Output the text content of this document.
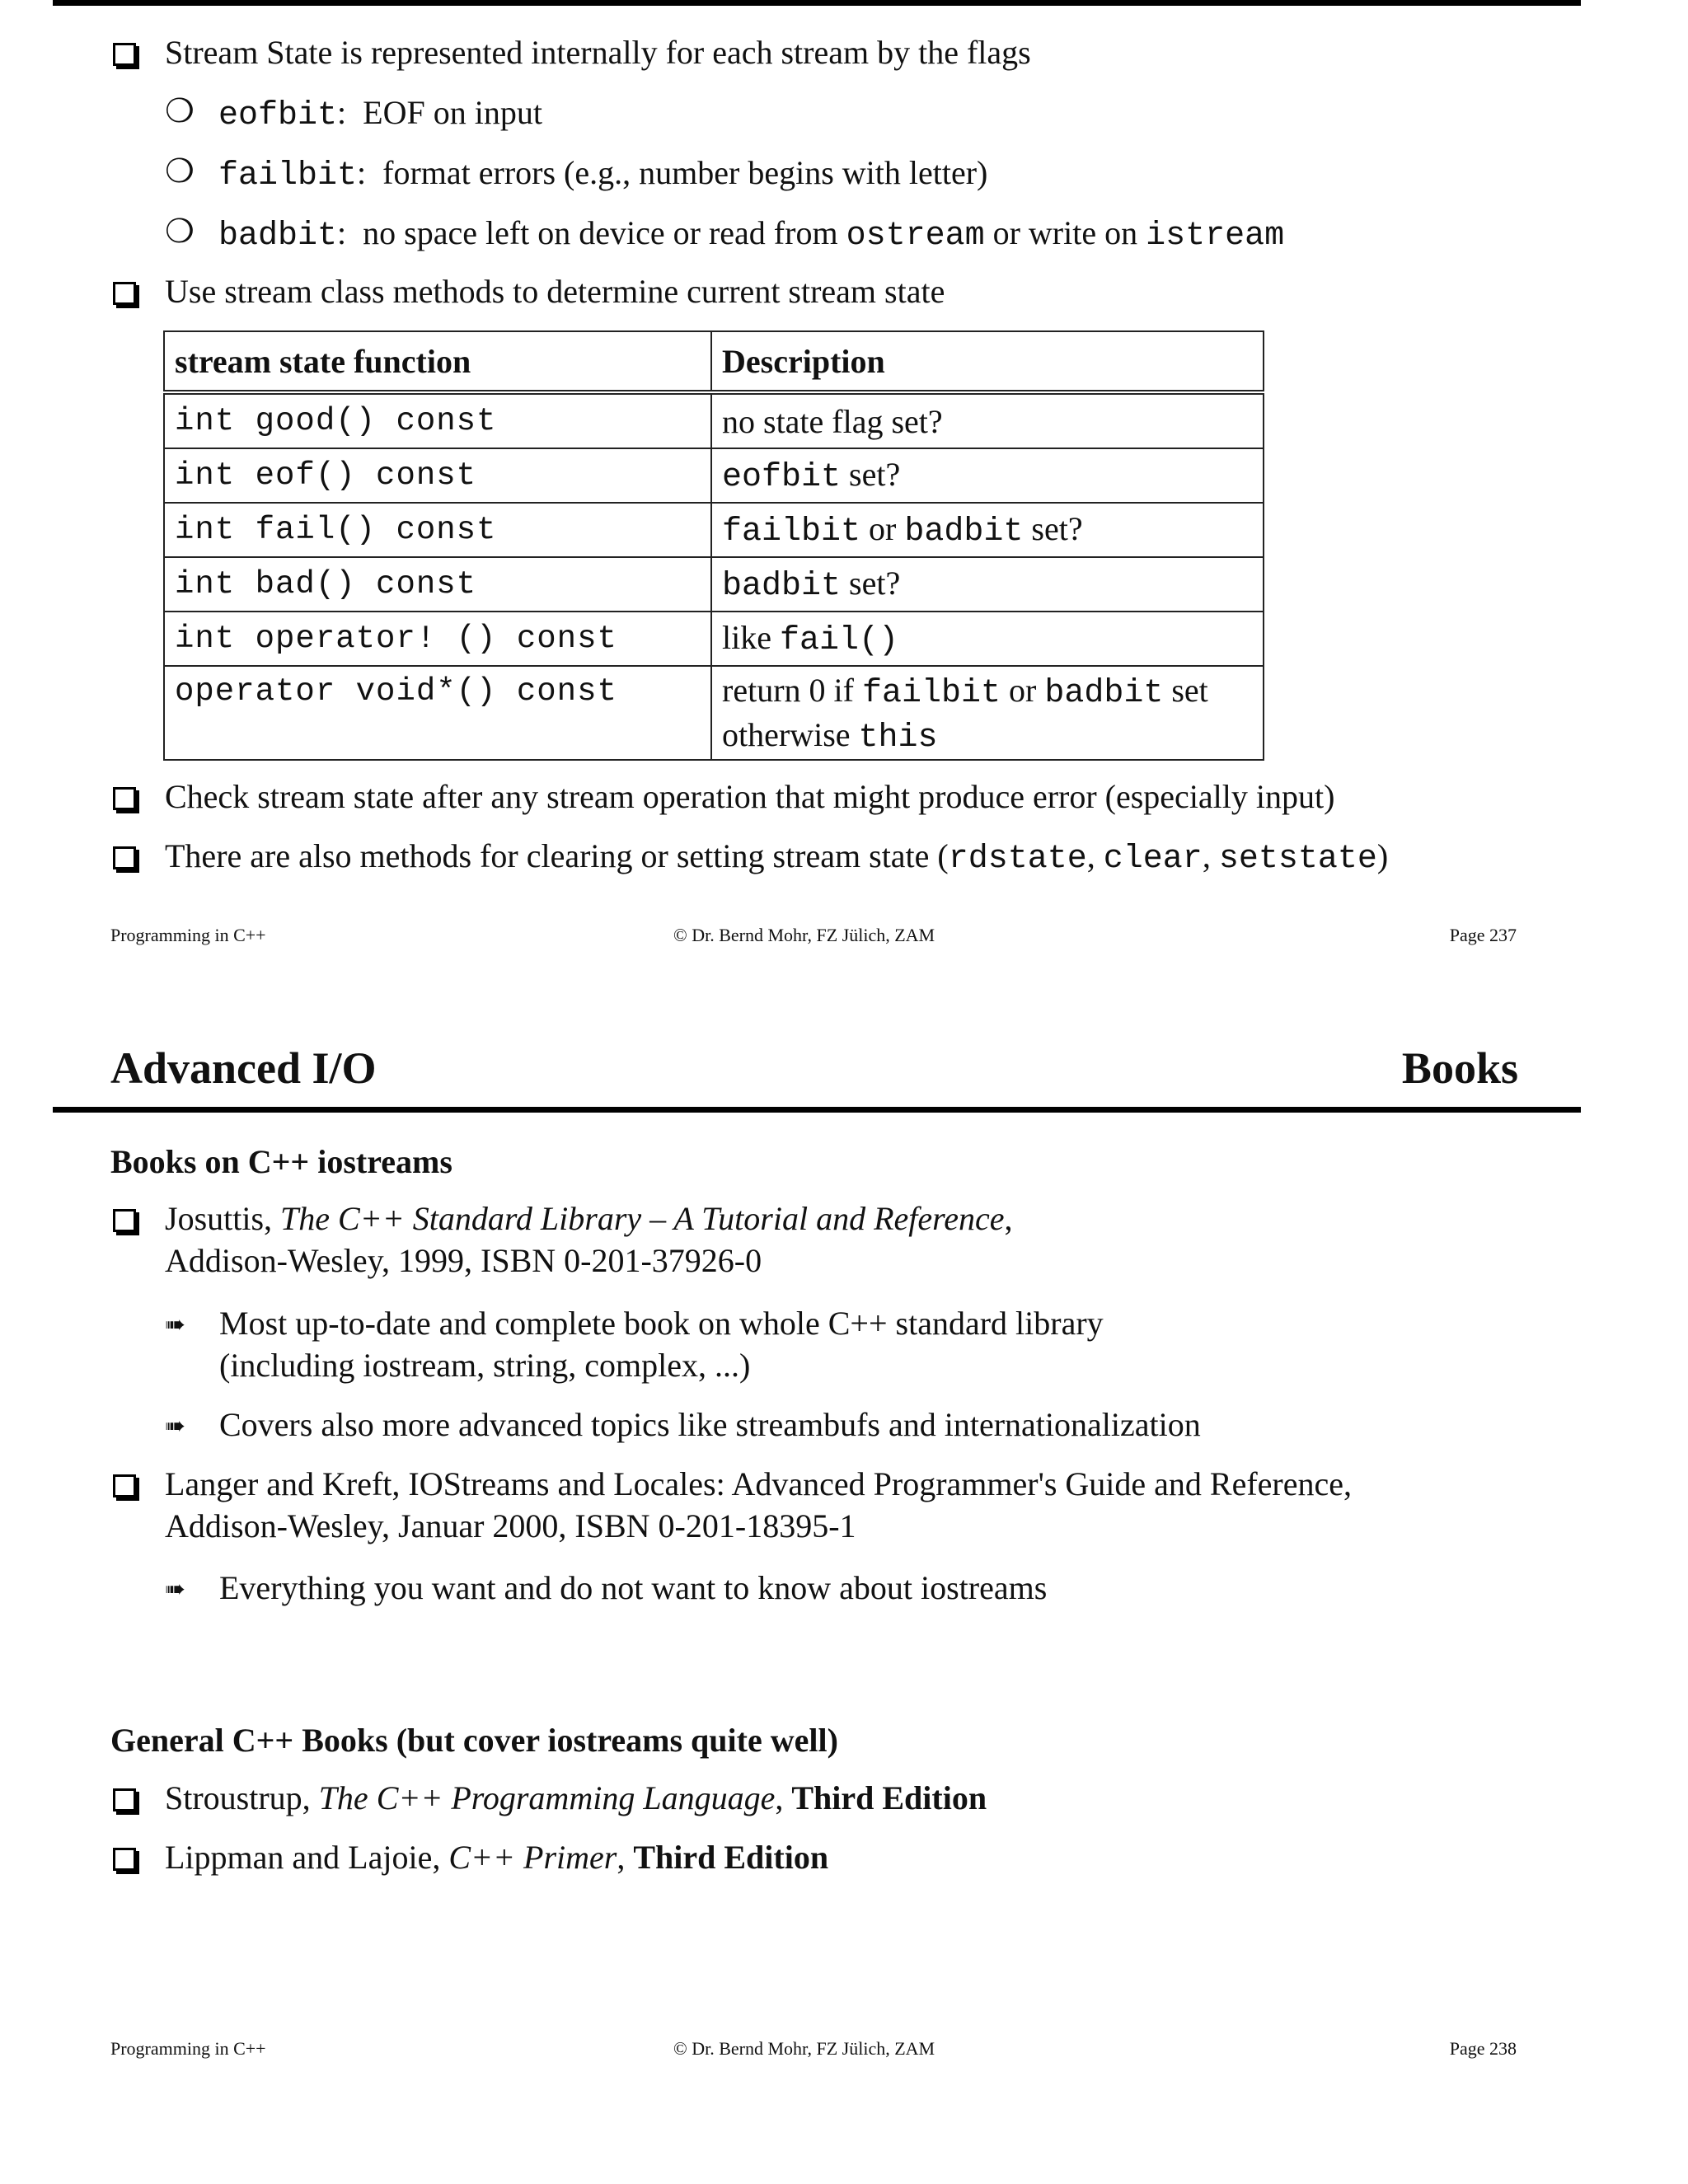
Stream State is represented internally for each stream by the flags
❍ eofbit: EOF on input
❍ failbit: format errors (e.g., number begins with letter)
❍ badbit: no space left on device or read from ostream or write on istream
Use stream class methods to determine current stream state
stream state function	Description
int good() const	no state flag set?
int eof() const	eofbit set?
int fail() const	failbit or badbit set?
int bad() const	badbit set?
int operator! () const	like fail()
operator void*() const	return 0 if failbit or badbit set
otherwise this
Check stream state after any stream operation that might produce error (especially input)
There are also methods for clearing or setting stream state (rdstate, clear, setstate)
Programming in C++	© Dr. Bernd Mohr, FZ Jülich, ZAM	Page 237
Advanced I/O	Books
Books on C++ iostreams
Josuttis, The C++ Standard Library – A Tutorial and Reference,
Addison-Wesley, 1999, ISBN 0-201-37926-0
➠ Most up-to-date and complete book on whole C++ standard library
(including iostream, string, complex, ...)
➠ Covers also more advanced topics like streambufs and internationalization
Langer and Kreft, IOStreams and Locales: Advanced Programmer's Guide and Reference,
Addison-Wesley, Januar 2000, ISBN 0-201-18395-1
➠ Everything you want and do not want to know about iostreams
General C++ Books (but cover iostreams quite well)
Stroustrup, The C++ Programming Language, Third Edition
Lippman and Lajoie, C++ Primer, Third Edition
Programming in C++	© Dr. Bernd Mohr, FZ Jülich, ZAM	Page 238
